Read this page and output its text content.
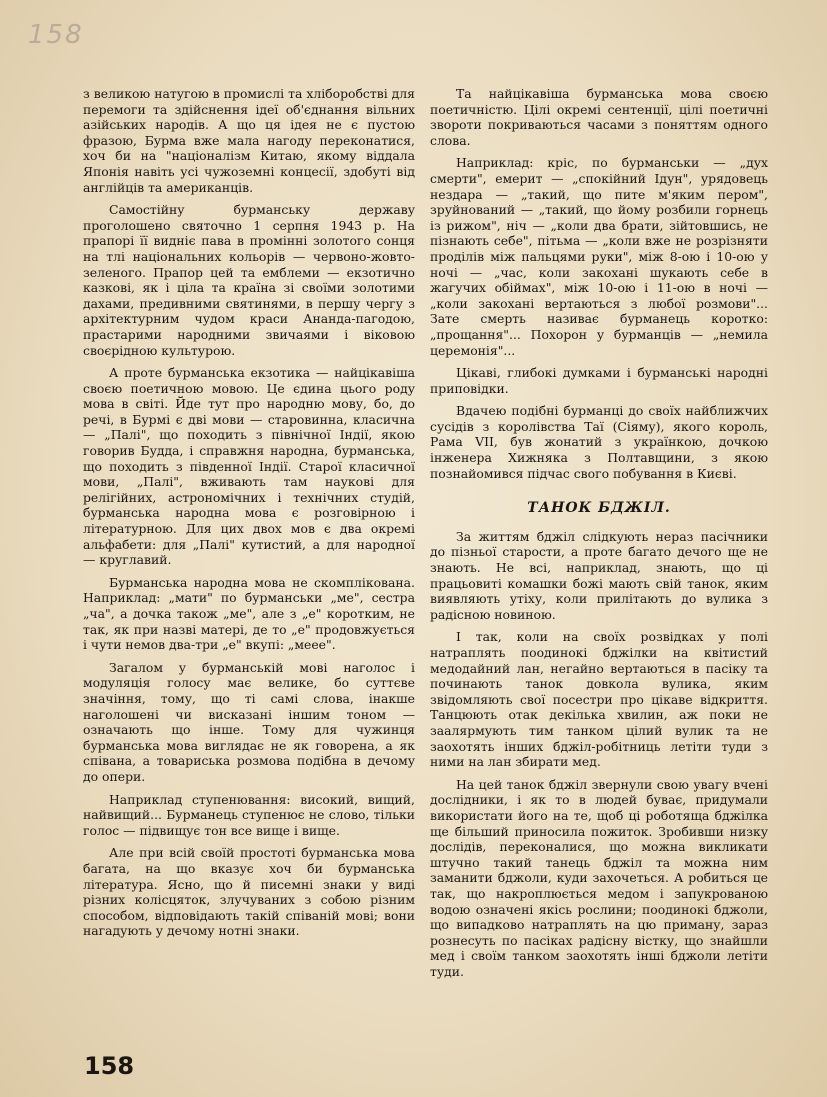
158

з великою натугою в промислі та хліборобстві для перемоги та здійснення ідеї об'єднання вільних азійських народів. А що ця ідея не є пустою фразою, Бурма вже мала нагоду переконатися, хоч би на "націоналізм Китаю, якому віддала Японія навіть усі чужоземні концесії, здобуті від англійців та американців.

Самостійну бурманську державу проголошено святочно 1 серпня 1943 р. На прапорі її видніє пава в промінні золотого сонця на тлі національних кольорів — червоно-жовто-зеленого. Прапор цей та емблеми — екзотично казкові, як і ціла та країна зі своїми золотими дахами, предивними святинями, в першу чергу з архітектурним чудом краси Ананда-пагодою, прастарими народними звичаями і віковою своєрідною культурою.

А проте бурманська екзотика — найцікавіша своєю поетичною мовою. Це єдина цього роду мова в світі. Йде тут про народню мову, бо, до речі, в Бурмі є дві мови — старовинна, класична — „Палі", що походить з північної Індії, якою говорив Будда, і справжня народна, бурманська, що походить з південної Індії. Старої класичної мови, „Палі", вживають там наукові для релігійних, астрономічних і технічних студій, бурманська народна мова є розговірною і літературною. Для цих двох мов є два окремі альфабети: для „Палі" кутистий, а для народної — круглавий.

Бурманська народна мова не скомплікована. Наприклад: „мати" по бурманськи „ме", сестра „ча", а дочка також „ме", але з „е" коротким, не так, як при назві матері, де то „е" продовжується і чути немов два-три „е" вкупі: „мееe".

Загалом у бурманській мові наголос і модуляція голосу має велике, бо суттєве значіння, тому, що ті самі слова, інакше наголошені чи висказані іншим тоном — означають що інше. Тому для чужинця бурманська мова виглядає не як говорена, а як співана, а товариська розмова подібна в дечому до опери.

Наприклад ступенювання: високий, вищий, найвищий... Бурманець ступенює не слово, тільки голос — підвищує тон все вище і вище.

Але при всій своїй простоті бурманська мова багата, на що вказує хоч би бурманська література. Ясно, що й писемні знаки у виді різних колісцяток, злучуваних з собою різним способом, відповідають такій співаній мові; вони нагадують у дечому нотні знаки.

Та найцікавіша бурманська мова своєю поетичністю. Цілі окремі сентенції, цілі поетичні звороти покриваються часами з поняттям одного слова.

Наприклад: кріс, по бурманськи — „дух смерти", емерит — „спокійний Ідун", урядовець нездара — „такий, що пите м'яким пером", зруйнований — „такий, що йому розбили горнець із рижом", ніч — „коли два брати, зійтовшись, не пізнають себе", пітьма — „коли вже не розрізняти проділів між пальцями руки", між 8-ою і 10-ою у ночі — „час, коли закохані шукають себе в жагучих обіймах", між 10-ою і 11-ою в ночі — „коли закохані вертаються з любої розмови"... Зате смерть називає бурманець коротко: „прощання"... Похорон у бурманців — „немила церемонія"...

Цікаві, глибокі думками і бурманські народні приповідки.

Вдачею подібні бурманці до своїх найближчих сусідів з королівства Таї (Сіяму), якого король, Рама VII, був жонатий з українкою, дочкою інженера Хижняка з Полтавщини, з якою познайомився підчас свого побування в Києві.

ТАНОК БДЖІЛ.

За життям бджіл слідкують нераз пасічники до пізньої старости, а проте багато дечого ще не знають. Не всі, наприклад, знають, що ці працьовиті комашки божі мають свій танок, яким виявляють утіху, коли прилітають до вулика з радісною новиною.

І так, коли на своїх розвідках у полі натраплять поодинокі бджілки на квітистий медодайний лан, негайно вертаються в пасіку та починають танок довкола вулика, яким звідомляють свої посестри про цікаве відкриття. Танцюють отак декілька хвилин, аж поки не заалярмують тим танком цілий вулик та не заохотять інших бджіл-робітниць летіти туди з ними на лан збирати мед.

На цей танок бджіл звернули свою увагу вчені дослідники, і як то в людей буває, придумали використати його на те, щоб ці роботяща бджілка ще більший приносила пожиток. Зробивши низку дослідів, переконалися, що можна викликати штучно такий танець бджіл та можна ним заманити бджоли, куди захочеться. А робиться це так, що накроплюється медом і запукрованою водою означені якісь рослини; поодинокі бджоли, що випадково натраплять на цю приману, зараз рознесуть по пасіках радісну вістку, що знайшли мед і своїм танком заохотять інші бджоли летіти туди.

158
